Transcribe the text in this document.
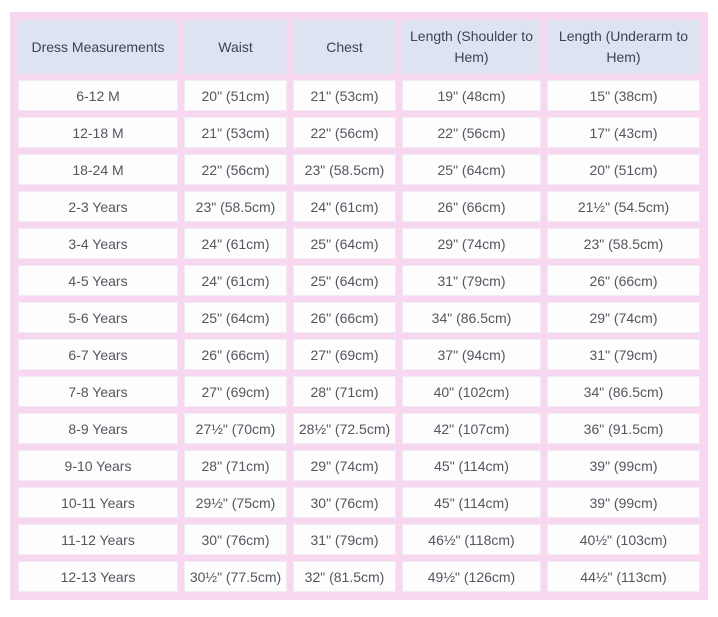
Dress Measurements	Waist	Chest	Length (Shoulder to Hem)	Length (Underarm to Hem)
6-12 M	20" (51cm)	21" (53cm)	19" (48cm)	15" (38cm)
12-18 M	21" (53cm)	22" (56cm)	22" (56cm)	17" (43cm)
18-24 M	22" (56cm)	23" (58.5cm)	25" (64cm)	20" (51cm)
2-3 Years	23" (58.5cm)	24" (61cm)	26" (66cm)	21½" (54.5cm)
3-4 Years	24" (61cm)	25" (64cm)	29" (74cm)	23" (58.5cm)
4-5 Years	24" (61cm)	25" (64cm)	31" (79cm)	26" (66cm)
5-6 Years	25" (64cm)	26" (66cm)	34" (86.5cm)	29" (74cm)
6-7 Years	26" (66cm)	27" (69cm)	37" (94cm)	31" (79cm)
7-8 Years	27" (69cm)	28" (71cm)	40" (102cm)	34" (86.5cm)
8-9 Years	27½" (70cm)	28½" (72.5cm)	42" (107cm)	36" (91.5cm)
9-10 Years	28" (71cm)	29" (74cm)	45" (114cm)	39" (99cm)
10-11 Years	29½" (75cm)	30" (76cm)	45" (114cm)	39" (99cm)
11-12 Years	30" (76cm)	31" (79cm)	46½" (118cm)	40½" (103cm)
12-13 Years	30½" (77.5cm)	32" (81.5cm)	49½" (126cm)	44½" (113cm)
